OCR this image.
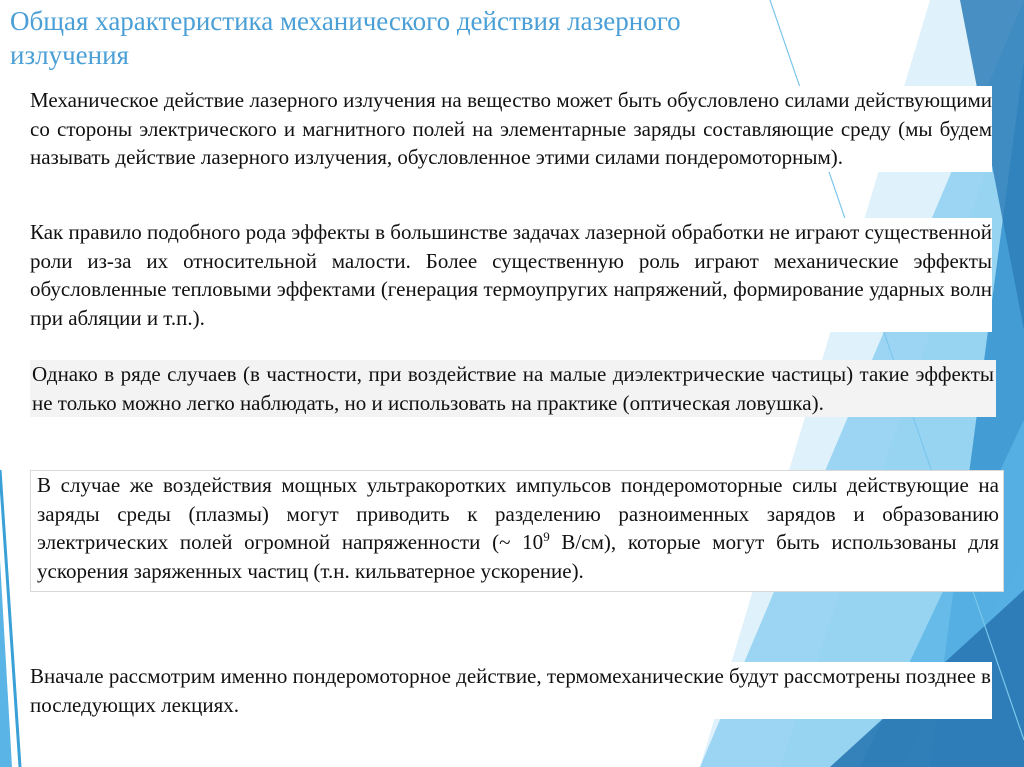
Общая характеристика механического действия лазерного излучения

Механическое действие лазерного излучения на вещество может быть обусловлено силами действующими со стороны электрического и магнитного полей на элементарные заряды составляющие среду (мы будем называть действие лазерного излучения, обусловленное этими силами пондеромоторным).

Как правило подобного рода эффекты в большинстве задачах лазерной обработки не играют существенной роли из-за их относительной малости. Более существенную роль играют механические эффекты обусловленные тепловыми эффектами (генерация термоупругих напряжений, формирование ударных волн при абляции и т.п.).

Однако в ряде случаев (в частности, при воздействие на малые диэлектрические частицы) такие эффекты не только можно легко наблюдать, но и использовать на практике (оптическая ловушка).

В случае же воздействия мощных ультракоротких импульсов пондеромоторные силы действующие на заряды среды (плазмы) могут приводить к разделению разноименных зарядов и образованию электрических полей огромной напряженности (~ $10^9$ В/см), которые могут быть использованы для ускорения заряженных частиц (т.н. кильватерное ускорение).

Вначале рассмотрим именно пондеромоторное действие, термомеханические будут рассмотрены позднее в последующих лекциях.
